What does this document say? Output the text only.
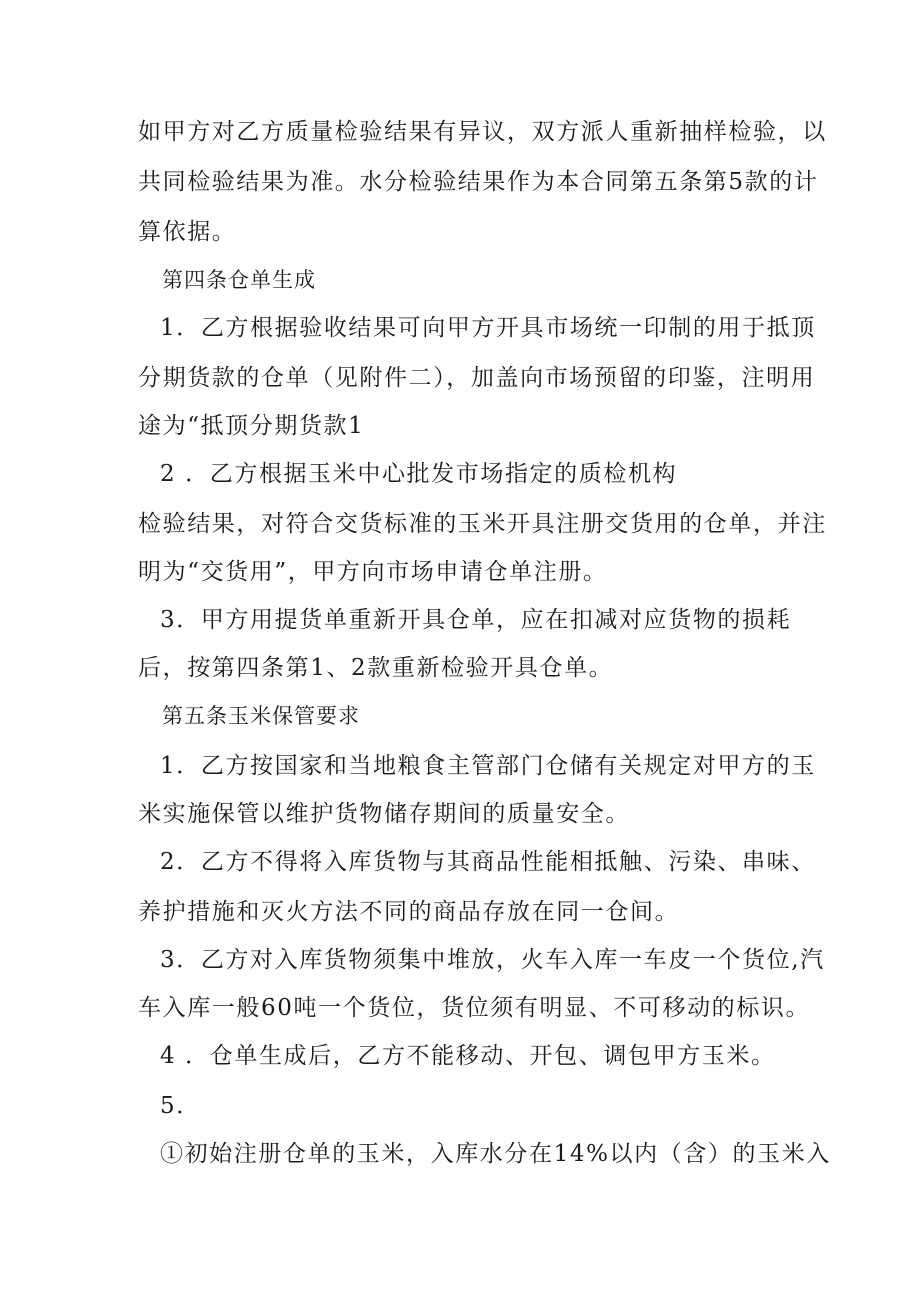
如甲方对乙方质量检验结果有异议，双方派人重新抽样检验，以
共同检验结果为准。水分检验结果作为本合同第五条第5款的计
算依据。
第四条仓单生成
1．乙方根据验收结果可向甲方开具市场统一印制的用于抵顶
分期货款的仓单（见附件二），加盖向市场预留的印鉴，注明用
途为“抵顶分期货款1
2 ．乙方根据玉米中心批发市场指定的质检机构
检验结果，对符合交货标准的玉米开具注册交货用的仓单，并注
明为“交货用”，甲方向市场申请仓单注册。
3．甲方用提货单重新开具仓单，应在扣减对应货物的损耗
后，按第四条第1、2款重新检验开具仓单。
第五条玉米保管要求
1．乙方按国家和当地粮食主管部门仓储有关规定对甲方的玉
米实施保管以维护货物储存期间的质量安全。
2．乙方不得将入库货物与其商品性能相抵触、污染、串味、
养护措施和灭火方法不同的商品存放在同一仓间。
3．乙方对入库货物须集中堆放，火车入库一车皮一个货位,汽
车入库一般60吨一个货位，货位须有明显、不可移动的标识。
4 ．仓单生成后，乙方不能移动、开包、调包甲方玉米。
5．
①初始注册仓单的玉米，入库水分在14%以内（含）的玉米入
